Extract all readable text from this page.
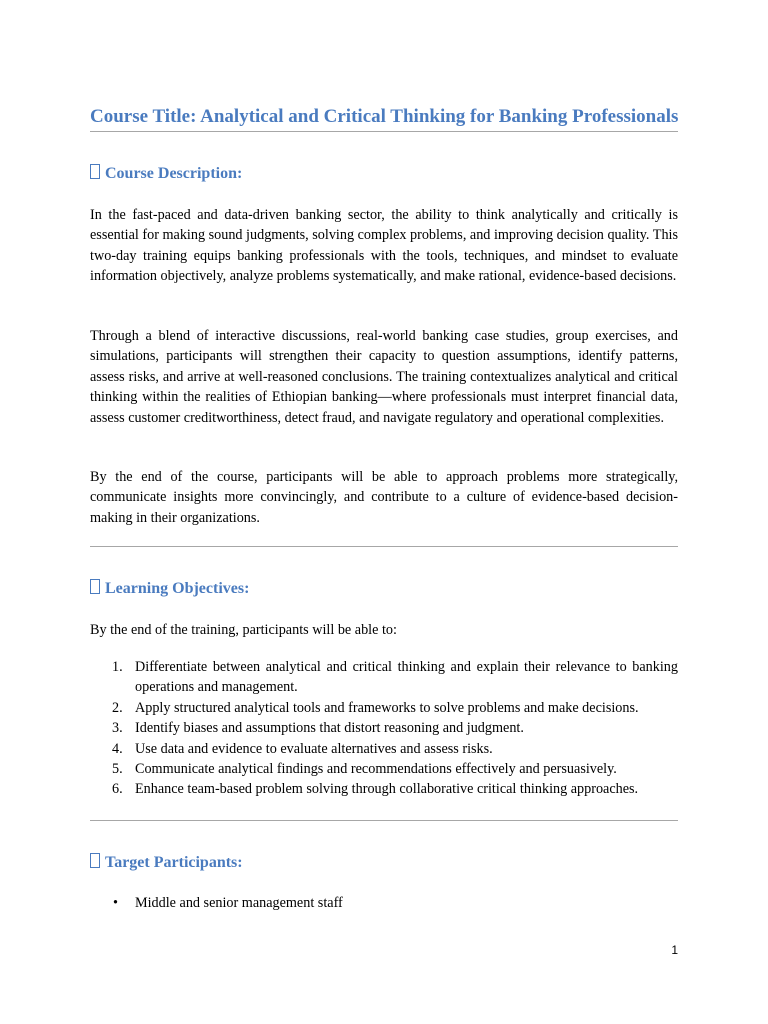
Course Title: Analytical and Critical Thinking for Banking Professionals
Course Description:

In the fast-paced and data-driven banking sector, the ability to think analytically and critically is essential for making sound judgments, solving complex problems, and improving decision quality. This two-day training equips banking professionals with the tools, techniques, and mindset to evaluate information objectively, analyze problems systematically, and make rational, evidence-based decisions.

Through a blend of interactive discussions, real-world banking case studies, group exercises, and simulations, participants will strengthen their capacity to question assumptions, identify patterns, assess risks, and arrive at well-reasoned conclusions. The training contextualizes analytical and critical thinking within the realities of Ethiopian banking—where professionals must interpret financial data, assess customer creditworthiness, detect fraud, and navigate regulatory and operational complexities.

By the end of the course, participants will be able to approach problems more strategically, communicate insights more convincingly, and contribute to a culture of evidence-based decision-making in their organizations.

Learning Objectives:

By the end of the training, participants will be able to:

1. Differentiate between analytical and critical thinking and explain their relevance to banking operations and management.
2. Apply structured analytical tools and frameworks to solve problems and make decisions.
3. Identify biases and assumptions that distort reasoning and judgment.
4. Use data and evidence to evaluate alternatives and assess risks.
5. Communicate analytical findings and recommendations effectively and persuasively.
6. Enhance team-based problem solving through collaborative critical thinking approaches.
Target Participants:
• Middle and senior management staff
1
